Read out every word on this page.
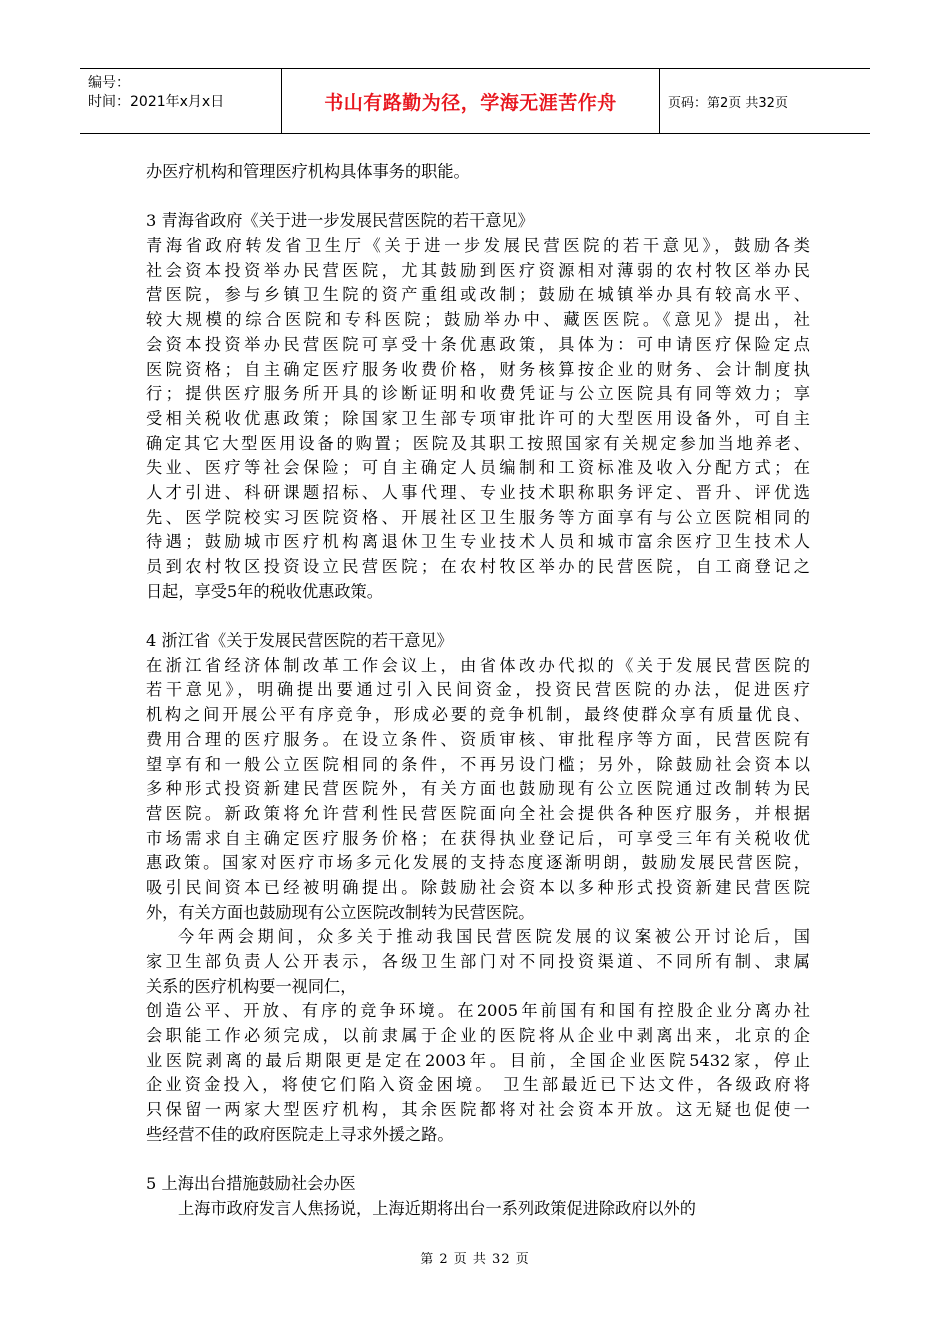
编号：
时间：2021年x月x日	书山有路勤为径，学海无涯苦作舟	页码：第2页 共32页
办医疗机构和管理医疗机构具体事务的职能。
3 青海省政府《关于进一步发展民营医院的若干意见》
青海省政府转发省卫生厅《关于进一步发展民营医院的若干意见》，鼓励各类
社会资本投资举办民营医院，尤其鼓励到医疗资源相对薄弱的农村牧区举办民
营医院，参与乡镇卫生院的资产重组或改制；鼓励在城镇举办具有较高水平、
较大规模的综合医院和专科医院；鼓励举办中、藏医医院。《意见》提出，社
会资本投资举办民营医院可享受十条优惠政策，具体为：可申请医疗保险定点
医院资格；自主确定医疗服务收费价格，财务核算按企业的财务、会计制度执
行；提供医疗服务所开具的诊断证明和收费凭证与公立医院具有同等效力；享
受相关税收优惠政策；除国家卫生部专项审批许可的大型医用设备外，可自主
确定其它大型医用设备的购置；医院及其职工按照国家有关规定参加当地养老、
失业、医疗等社会保险；可自主确定人员编制和工资标准及收入分配方式；在
人才引进、科研课题招标、人事代理、专业技术职称职务评定、晋升、评优选
先、医学院校实习医院资格、开展社区卫生服务等方面享有与公立医院相同的
待遇；鼓励城市医疗机构离退休卫生专业技术人员和城市富余医疗卫生技术人
员到农村牧区投资设立民营医院；在农村牧区举办的民营医院，自工商登记之
日起，享受5年的税收优惠政策。
4 浙江省《关于发展民营医院的若干意见》
在浙江省经济体制改革工作会议上，由省体改办代拟的《关于发展民营医院的
若干意见》，明确提出要通过引入民间资金，投资民营医院的办法，促进医疗
机构之间开展公平有序竞争，形成必要的竞争机制，最终使群众享有质量优良、
费用合理的医疗服务。在设立条件、资质审核、审批程序等方面，民营医院有
望享有和一般公立医院相同的条件，不再另设门槛；另外，除鼓励社会资本以
多种形式投资新建民营医院外，有关方面也鼓励现有公立医院通过改制转为民
营医院。新政策将允许营利性民营医院面向全社会提供各种医疗服务，并根据
市场需求自主确定医疗服务价格；在获得执业登记后，可享受三年有关税收优
惠政策。国家对医疗市场多元化发展的支持态度逐渐明朗，鼓励发展民营医院，
吸引民间资本已经被明确提出。除鼓励社会资本以多种形式投资新建民营医院
外，有关方面也鼓励现有公立医院改制转为民营医院。
今年两会期间，众多关于推动我国民营医院发展的议案被公开讨论后，国
家卫生部负责人公开表示，各级卫生部门对不同投资渠道、不同所有制、隶属
关系的医疗机构要一视同仁，
创造公平、开放、有序的竞争环境。在2005年前国有和国有控股企业分离办社
会职能工作必须完成，以前隶属于企业的医院将从企业中剥离出来，北京的企
业医院剥离的最后期限更是定在2003年。目前，全国企业医院5432家，停止
企业资金投入，将使它们陷入资金困境。 卫生部最近已下达文件，各级政府将
只保留一两家大型医疗机构，其余医院都将对社会资本开放。这无疑也促使一
些经营不佳的政府医院走上寻求外援之路。
5 上海出台措施鼓励社会办医
上海市政府发言人焦扬说，上海近期将出台一系列政策促进除政府以外的
第 2 页 共 32 页
